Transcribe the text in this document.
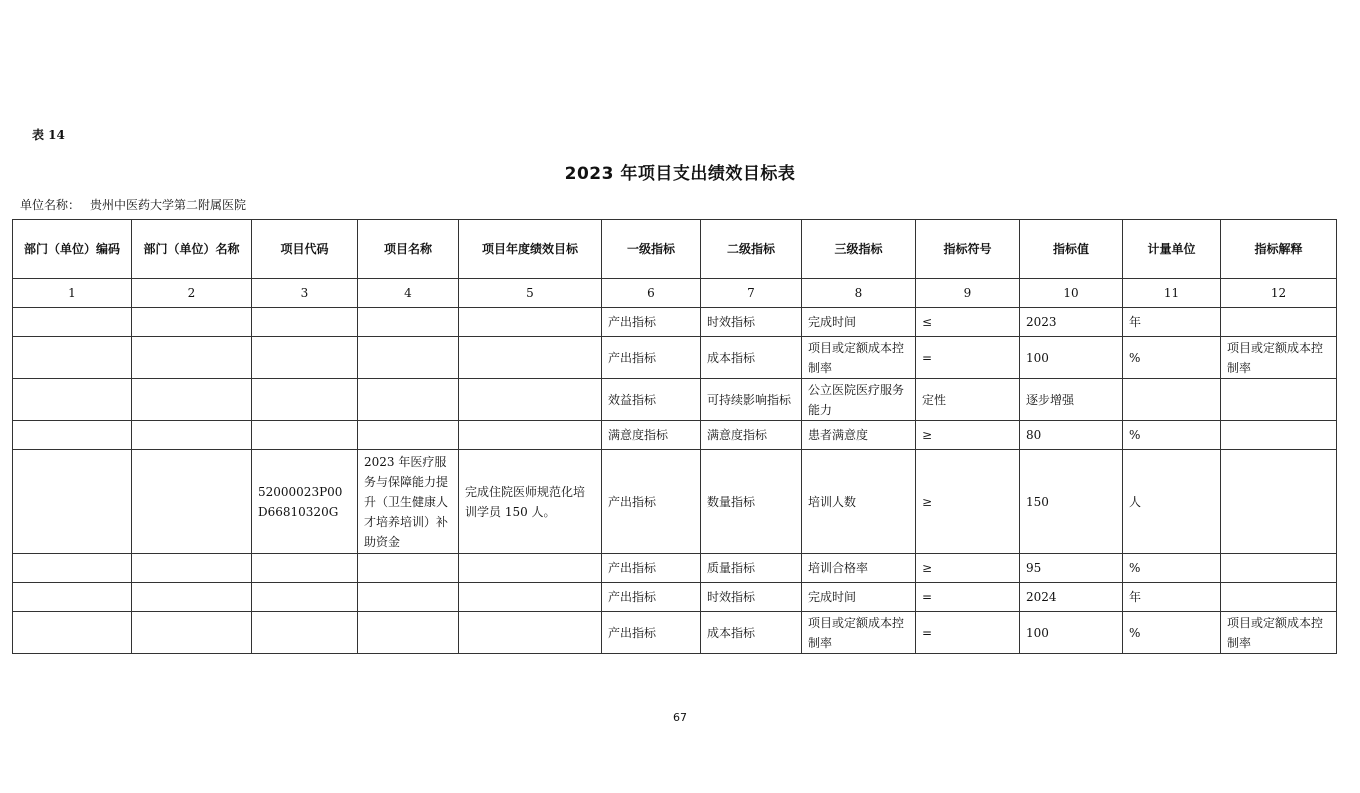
表 14
2023 年项目支出绩效目标表
单位名称： 贵州中医药大学第二附属医院
部门（单位）编码	部门（单位）名称	项目代码	项目名称	项目年度绩效目标	一级指标	二级指标	三级指标	指标符号	指标值	计量单位	指标解释
1	2	3	4	5	6	7	8	9	10	11	12
					产出指标	时效指标	完成时间	≤	2023	年	
					产出指标	成本指标	项目或定额成本控制率	=	100	%	项目或定额成本控制率
					效益指标	可持续影响指标	公立医院医疗服务能力	定性	逐步增强		
					满意度指标	满意度指标	患者满意度	≥	80	%	
		52000023P00D66810320G	2023 年医疗服务与保障能力提升（卫生健康人才培养培训）补助资金	完成住院医师规范化培训学员 150 人。	产出指标	数量指标	培训人数	≥	150	人	
					产出指标	质量指标	培训合格率	≥	95	%	
					产出指标	时效指标	完成时间	=	2024	年	
					产出指标	成本指标	项目或定额成本控制率	=	100	%	项目或定额成本控制率
67
